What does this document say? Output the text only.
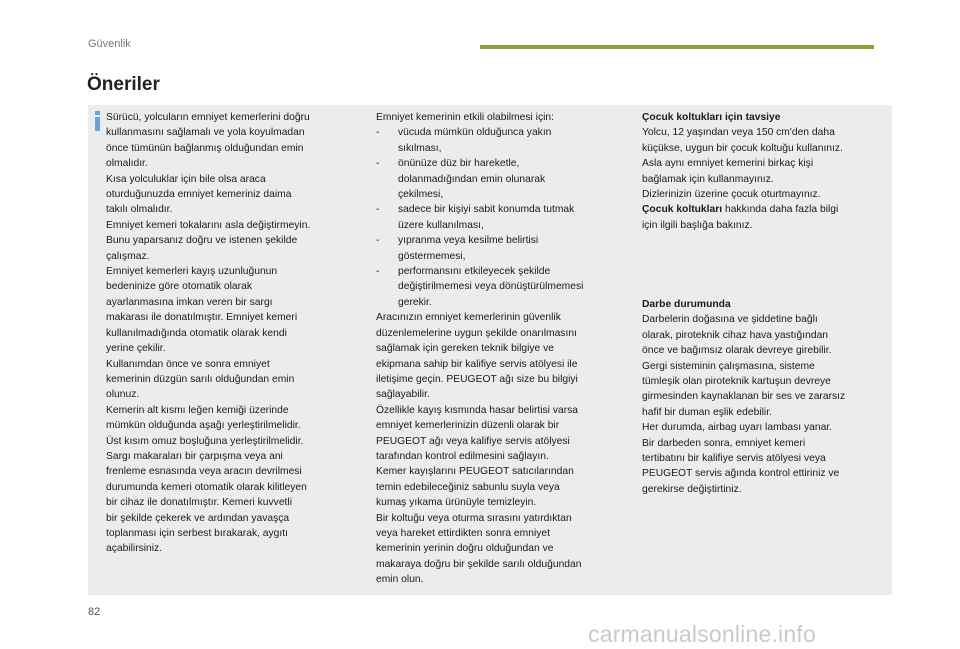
Güvenlik
Öneriler
Sürücü, yolcuların emniyet kemerlerini doğru
kullanmasını sağlamalı ve yola koyulmadan
önce tümünün bağlanmış olduğundan emin
olmalıdır.
Kısa yolculuklar için bile olsa araca
oturduğunuzda emniyet kemeriniz daima
takılı olmalıdır.
Emniyet kemeri tokalarını asla değiştirmeyin.
Bunu yaparsanız doğru ve istenen şekilde
çalışmaz.
Emniyet kemerleri kayış uzunluğunun
bedeninize göre otomatik olarak
ayarlanmasına imkan veren bir sargı
makarası ile donatılmıştır. Emniyet kemeri
kullanılmadığında otomatik olarak kendi
yerine çekilir.
Kullanımdan önce ve sonra emniyet
kemerinin düzgün sarılı olduğundan emin
olunuz.
Kemerin alt kısmı leğen kemiği üzerinde
mümkün olduğunda aşağı yerleştirilmelidir.
Üst kısım omuz boşluğuna yerleştirilmelidir.
Sargı makaraları bir çarpışma veya ani
frenleme esnasında veya aracın devrilmesi
durumunda kemeri otomatik olarak kilitleyen
bir cihaz ile donatılmıştır. Kemeri kuvvetli
bir şekilde çekerek ve ardından yavaşça
toplanması için serbest bırakarak, aygıtı
açabilirsiniz.
Emniyet kemerinin etkili olabilmesi için:
- vücuda mümkün olduğunca yakın
sıkılması,
- önünüze düz bir hareketle,
dolanmadığından emin olunarak
çekilmesi,
- sadece bir kişiyi sabit konumda tutmak
üzere kullanılması,
- yıpranma veya kesilme belirtisi
göstermemesi,
- performansını etkileyecek şekilde
değiştirilmemesi veya dönüştürülmemesi
gerekir.
Aracınızın emniyet kemerlerinin güvenlik
düzenlemelerine uygun şekilde onarılmasını
sağlamak için gereken teknik bilgiye ve
ekipmana sahip bir kalifiye servis atölyesi ile
iletişime geçin. PEUGEOT ağı size bu bilgiyi
sağlayabilir.
Özellikle kayış kısmında hasar belirtisi varsa
emniyet kemerlerinizin düzenli olarak bir
PEUGEOT ağı veya kalifiye servis atölyesi
tarafından kontrol edilmesini sağlayın.
Kemer kayışlarını PEUGEOT satıcılarından
temin edebileceğiniz sabunlu suyla veya
kumaş yıkama ürünüyle temizleyin.
Bir koltuğu veya oturma sırasını yatırdıktan
veya hareket ettirdikten sonra emniyet
kemerinin yerinin doğru olduğundan ve
makaraya doğru bir şekilde sarılı olduğundan
emin olun.
Çocuk koltukları için tavsiye
Yolcu, 12 yaşından veya 150 cm'den daha
küçükse, uygun bir çocuk koltuğu kullanınız.
Asla aynı emniyet kemerini birkaç kişi
bağlamak için kullanmayınız.
Dizlerinizin üzerine çocuk oturtmayınız.
Çocuk koltukları hakkında daha fazla bilgi
için ilgili başlığa bakınız.
Darbe durumunda
Darbelerin doğasına ve şiddetine bağlı
olarak, piroteknik cihaz hava yastığından
önce ve bağımsız olarak devreye girebilir.
Gergi sisteminin çalışmasına, sisteme
tümleşik olan piroteknik kartuşun devreye
girmesinden kaynaklanan bir ses ve zararsız
hafif bir duman eşlik edebilir.
Her durumda, airbag uyarı lambası yanar.
Bir darbeden sonra, emniyet kemeri
tertibatını bir kalifiye servis atölyesi veya
PEUGEOT servis ağında kontrol ettiriniz ve
gerekirse değiştirtiniz.
82
carmanualsonline.info
